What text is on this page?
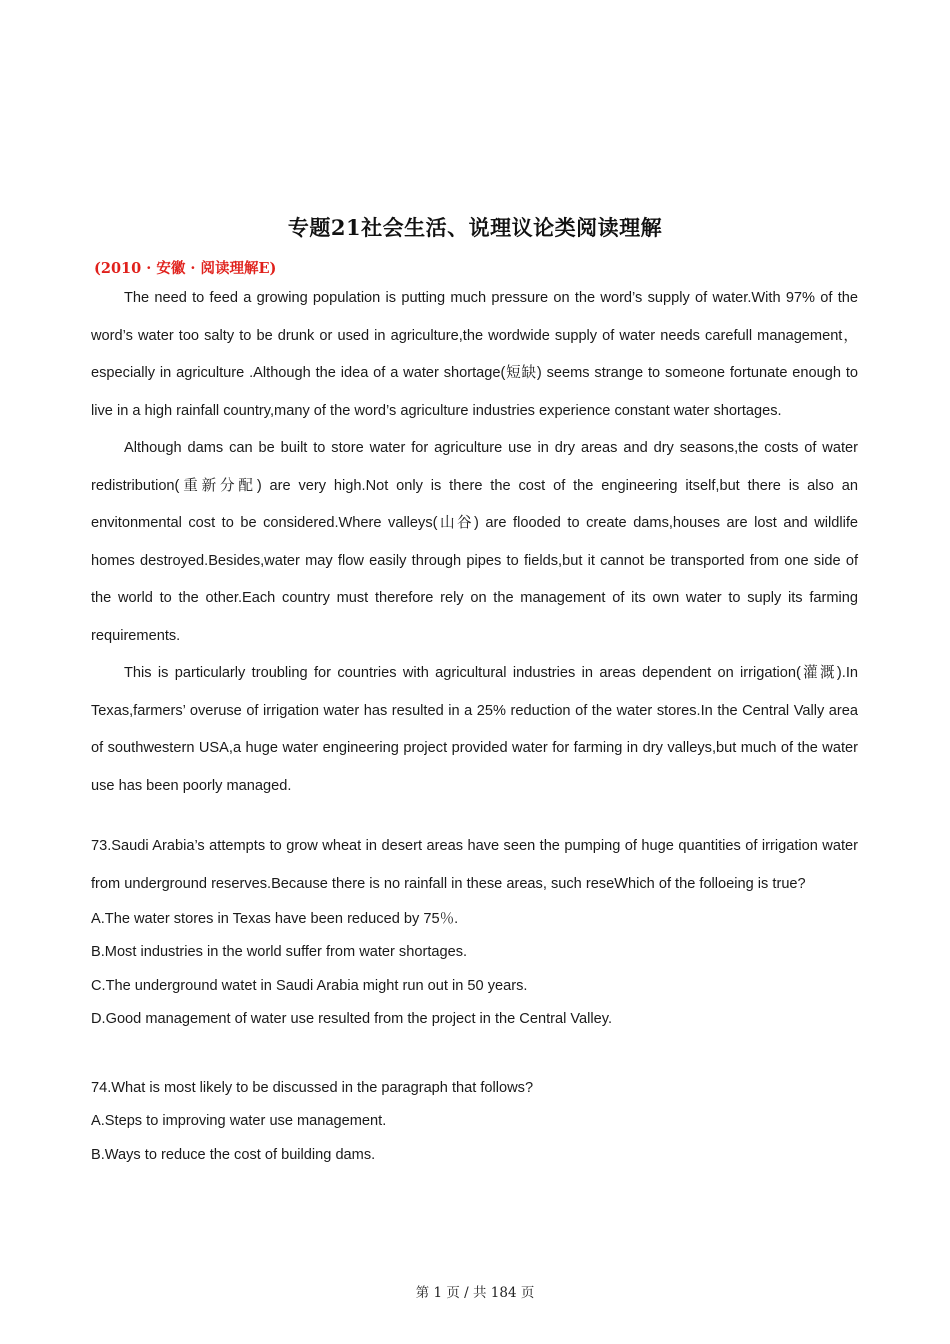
专题21社会生活、说理议论类阅读理解
(2010 · 安徽 · 阅读理解E)

The need to feed a growing population is putting much pressure on the word’s supply of water.With 97% of the word’s water too salty to be drunk or used in agriculture,the wordwide supply of water needs carefull management，especially in agriculture .Although the idea of a water shortage(短缺) seems strange to someone fortunate enough to live in a high rainfall country,many of the word’s agriculture industries experience constant water shortages.

Although dams can be built to store water for agriculture use in dry areas and dry seasons,the costs of water redistribution(重新分配) are very high.Not only is there the cost of the engineering itself,but there is also an envitonmental cost to be considered.Where valleys(山谷) are flooded to create dams,houses are lost and wildlife homes destroyed.Besides,water may flow easily through pipes to fields,but it cannot be transported from one side of the world to the other.Each country must therefore rely on the management of its own water to suply its farming requirements.

This is particularly troubling for countries with agricultural industries in areas dependent on irrigation(灌溉).In Texas,farmers’ overuse of irrigation water has resulted in a 25% reduction of the water stores.In the Central Vally area of southwestern USA,a huge water engineering project provided water for farming in dry valleys,but much of the water use has been poorly managed.

73.Saudi Arabia’s attempts to grow wheat in desert areas have seen the pumping of huge quantities of irrigation water from underground reserves.Because there is no rainfall in these areas, such reseWhich of the folloeing is true?

A.The water stores in Texas have been reduced by 75％.

B.Most industries in the world suffer from water shortages.

C.The underground watet in Saudi Arabia might run out in 50 years.

D.Good management of water use resulted from the project in the Central Valley.

74.What is most likely to be discussed in the paragraph that follows?

A.Steps to improving water use management.

B.Ways to reduce the cost of building dams.

第 1 页 / 共 184 页
